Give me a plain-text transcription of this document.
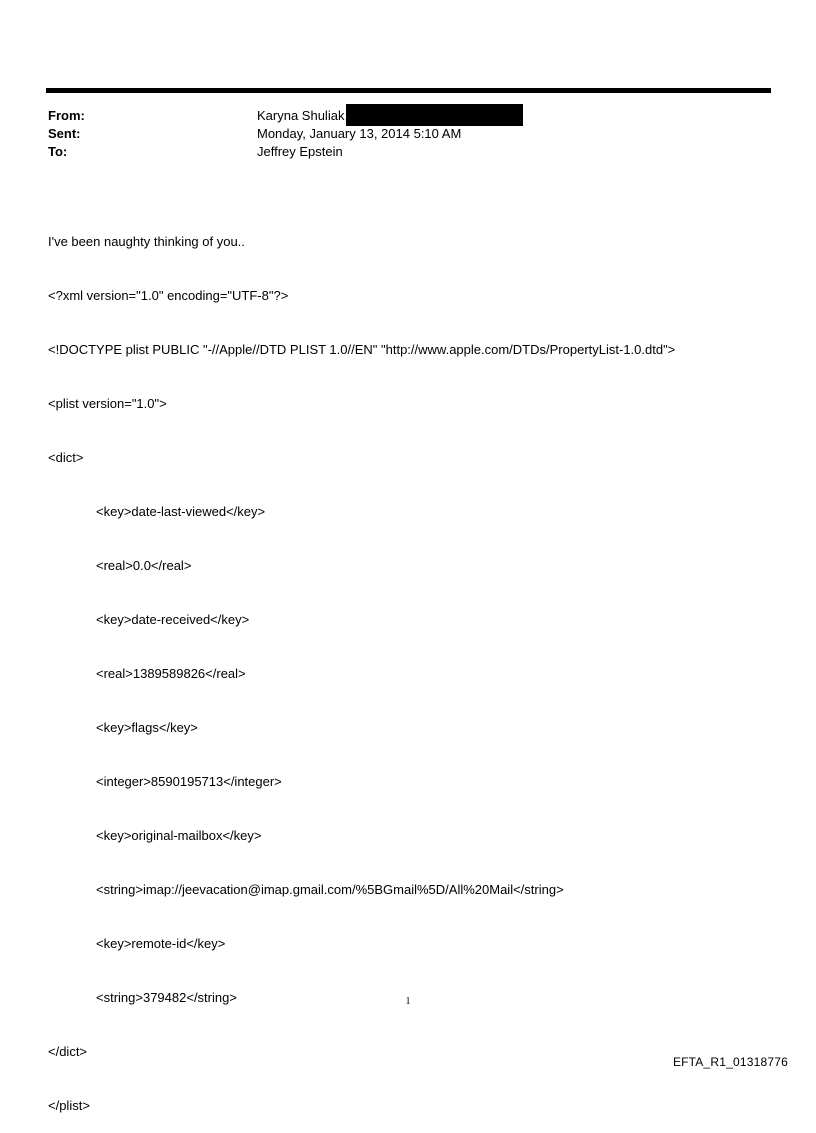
From:	Karyna Shuliak
Sent:	Monday, January 13, 2014 5:10 AM
To:	Jeffrey Epstein

I've been naughty thinking of you..

<?xml version="1.0" encoding="UTF-8"?>

<!DOCTYPE plist PUBLIC "-//Apple//DTD PLIST 1.0//EN" "http://www.apple.com/DTDs/PropertyList-1.0.dtd">

<plist version="1.0">

<dict>

<key>date-last-viewed</key>

<real>0.0</real>

<key>date-received</key>

<real>1389589826</real>

<key>flags</key>

<integer>8590195713</integer>

<key>original-mailbox</key>

<string>imap://jeevacation@imap.gmail.com/%5BGmail%5D/All%20Mail</string>

<key>remote-id</key>

<string>379482</string>

</dict>

</plist>

1
EFTA_R1_01318776
